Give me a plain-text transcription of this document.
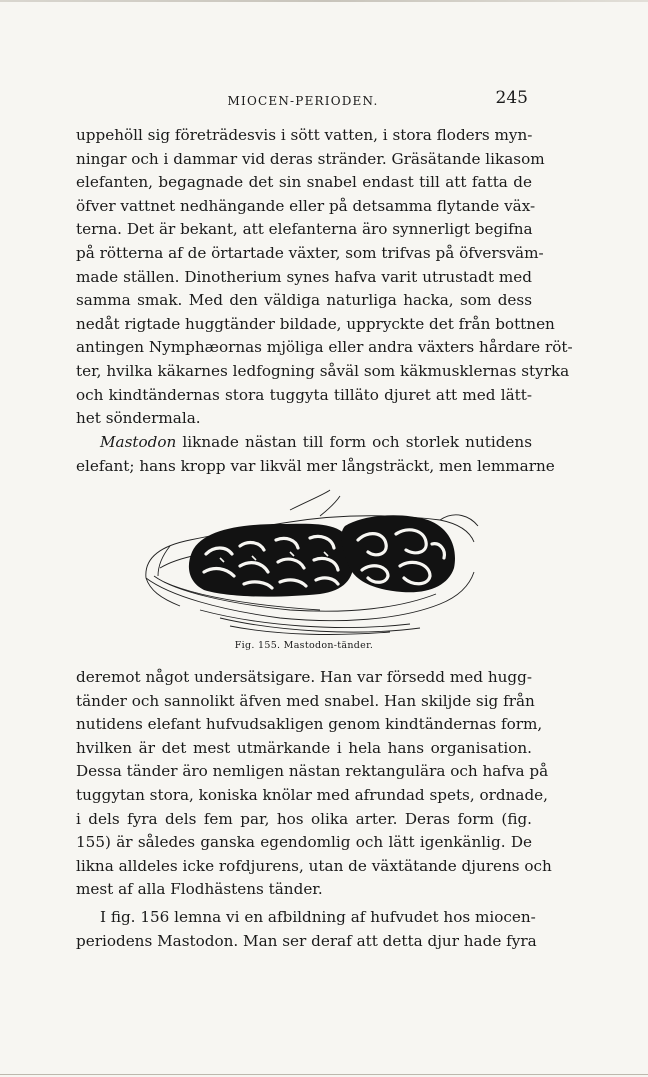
MIOCEN-PERIODEN.	245
uppehöll sig företrädesvis i sött vatten, i stora floders myn-
ningar och i dammar vid deras stränder. Gräsätande likasom
elefanten, begagnade det sin snabel endast till att fatta de
öfver vattnet nedhängande eller på detsamma flytande väx-
terna. Det är bekant, att elefanterna äro synnerligt begifna
på rötterna af de örtartade växter, som trifvas på öfversväm-
made ställen. Dinotherium synes hafva varit utrustadt med
samma smak. Med den väldiga naturliga hacka, som dess
nedåt rigtade huggtänder bildade, uppryckte det från bottnen
antingen Nymphæornas mjöliga eller andra växters hårdare röt-
ter, hvilka käkarnes ledfogning såväl som käkmusklernas styrka
och kindtändernas stora tuggyta tilläto djuret att med lätt-
het söndermala.
Mastodon liknade nästan till form och storlek nutidens
elefant; hans kropp var likväl mer långsträckt, men lemmarne
Fig. 155. Mastodon-tänder.
deremot något undersätsigare. Han var försedd med hugg-
tänder och sannolikt äfven med snabel. Han skiljde sig från
nutidens elefant hufvudsakligen genom kindtändernas form,
hvilken är det mest utmärkande i hela hans organisation.
Dessa tänder äro nemligen nästan rektangulära och hafva på
tuggytan stora, koniska knölar med afrundad spets, ordnade,
i dels fyra dels fem par, hos olika arter. Deras form (fig.
155) är således ganska egendomlig och lätt igenkänlig. De
likna alldeles icke rofdjurens, utan de växtätande djurens och
mest af alla Flodhästens tänder.
I fig. 156 lemna vi en afbildning af hufvudet hos miocen-
periodens Mastodon. Man ser deraf att detta djur hade fyra
